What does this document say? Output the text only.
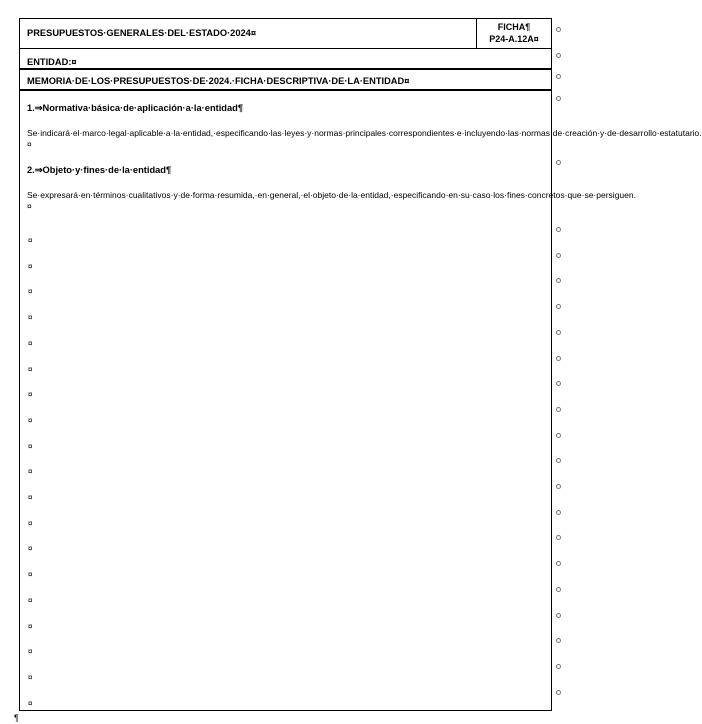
PRESUPUESTOS·GENERALES·DEL·ESTADO·2024¤
FICHA¶
P24-A.12A¤
ENTIDAD:¤
MEMORIA·DE·LOS·PRESUPUESTOS·DE·2024.·FICHA·DESCRIPTIVA·DE·LA·ENTIDAD¤
1.⇒Normativa·básica·de·aplicación·a·la·entidad¶
Se·indicará·el·marco·legal·aplicable·a·la·entidad,·especificando·las·leyes·y·normas·principales·correspondientes·e·incluyendo·las·normas·de·creación·y·de·desarrollo·estatutario.¤
2.⇒Objeto·y·fines·de·la·entidad¶
Se·expresará·en·términos·cualitativos·y·de·forma·resumida,·en·general,·el·objeto·de·la·entidad,·especificando·en·su·caso·los·fines·concretos·que·se·persiguen.¤
¤
¤
¤
¤
¤
¤
¤
¤
¤
¤
¤
¤
¤
¤
¤
¤
¤
¤
¤
¶
